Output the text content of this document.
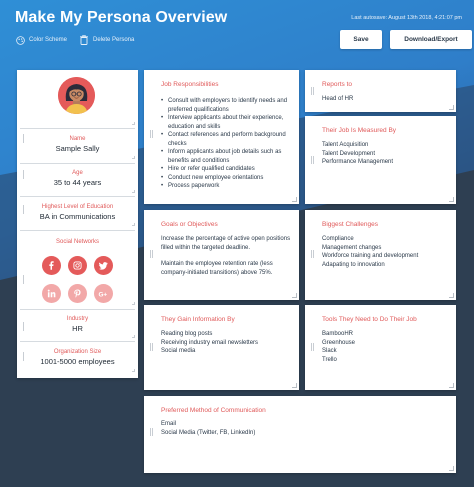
Make My Persona Overview	Last autosave: August 13th 2018, 4:21:07 pm
Color Scheme	Delete Persona	Save	Download/Export
Name
Sample Sally
Age
35 to 44 years
Highest Level of Education
BA in Communications
Social Networks
G+
Industry
HR
Organization Size
1001-5000 employees
Job Responsibilities
• Consult with employers to identify needs and preferred qualifications
• Interview applicants about their experience, education and skills
• Contact references and perform background checks
• Inform applicants about job details such as benefits and conditions
• Hire or refer qualified candidates
• Conduct new employee orientations
• Process paperwork
Reports to
Head of HR
Their Job Is Measured By
Talent Acquisition
Talent Development
Performance Management
Goals or Objectives

Increase the percentage of active open positions filled within the targeted deadline.

Maintain the employee retention rate (less company-initiated transitions) above 75%.

Biggest Challenges
Compliance
Management changes
Workforce training and development
Adapating to innovation
They Gain Information By
Reading blog posts
Receiving industry email newsletters
Social media
Tools They Need to Do Their Job
BambooHR
Greenhouse
Slack
Trello
Preferred Method of Communication
Email
Social Media (Twitter, FB, LinkedIn)
